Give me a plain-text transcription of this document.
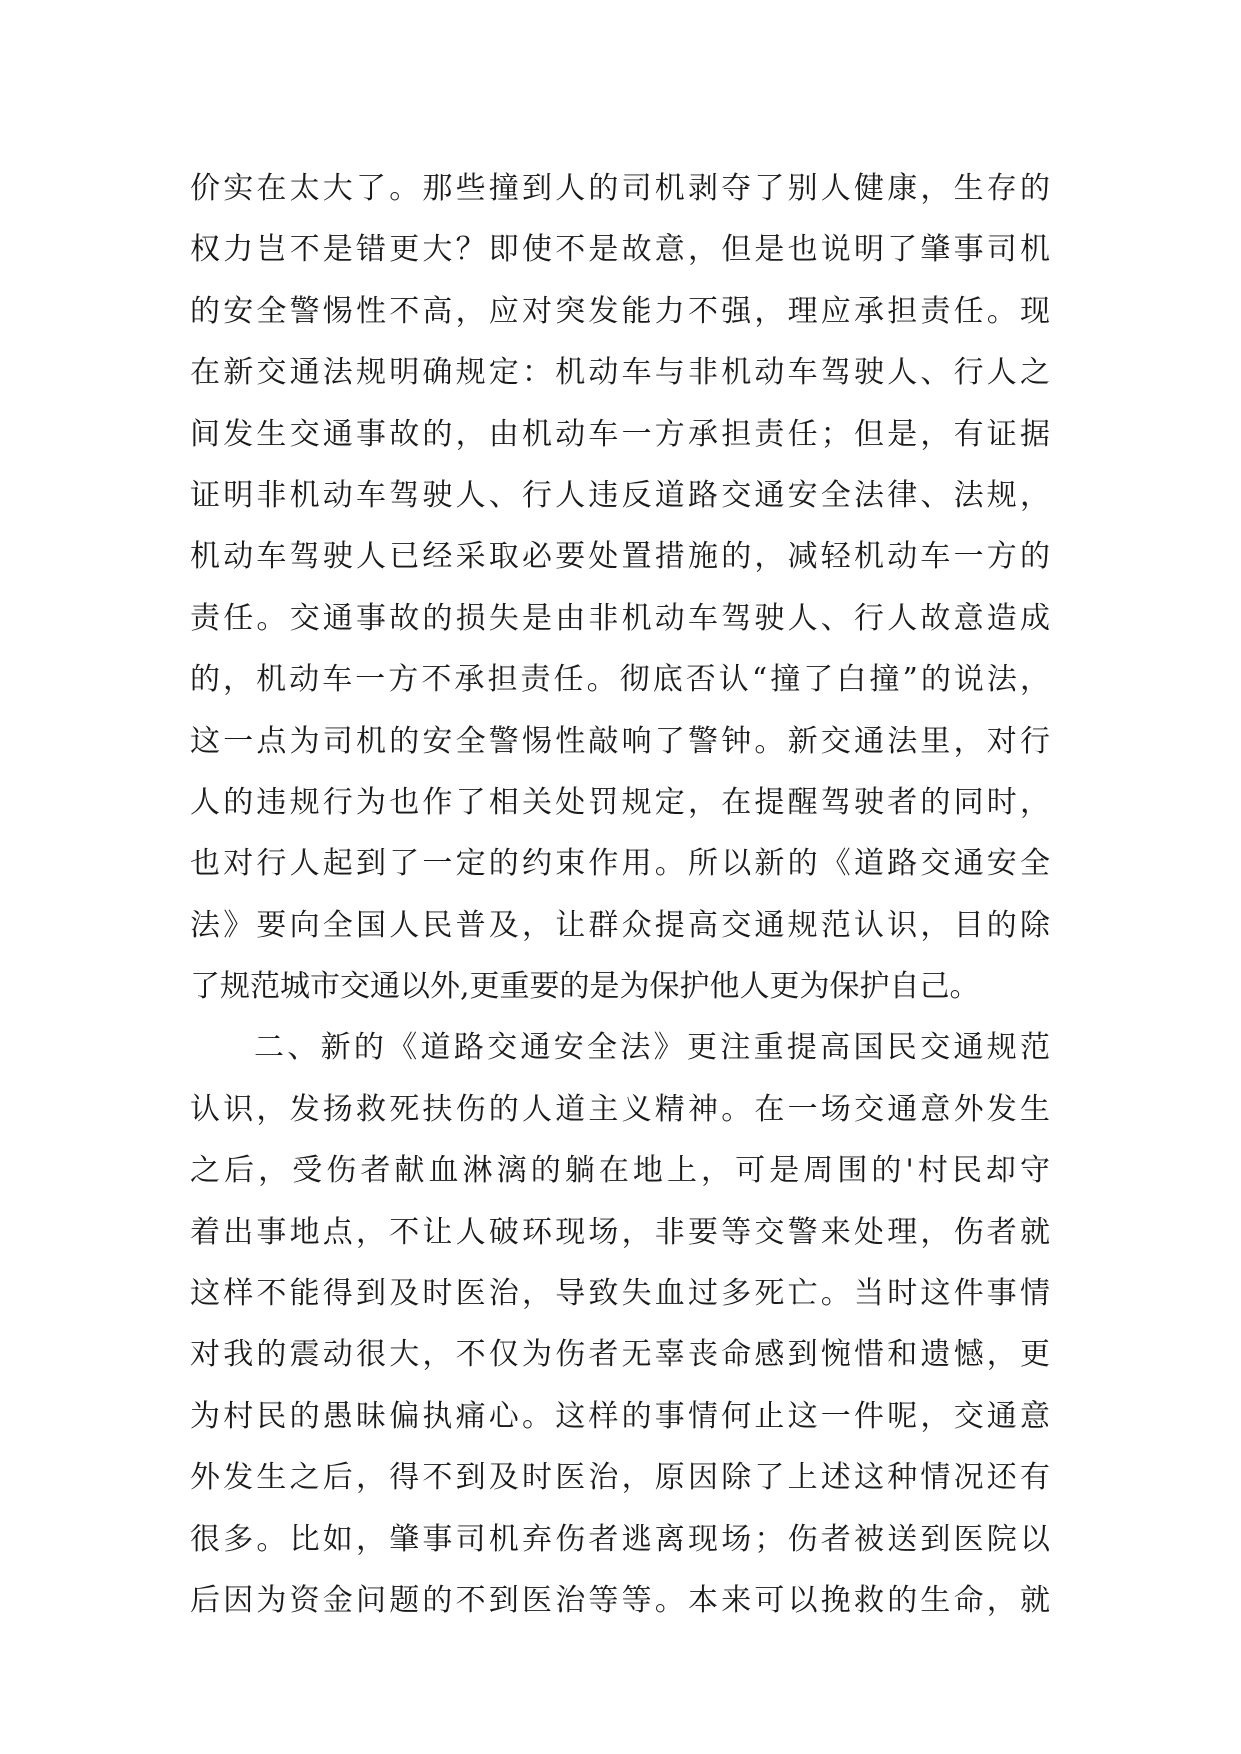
价实在太大了。那些撞到人的司机剥夺了别人健康，生存的
权力岂不是错更大？即使不是故意，但是也说明了肇事司机
的安全警惕性不高，应对突发能力不强，理应承担责任。现
在新交通法规明确规定：机动车与非机动车驾驶人、行人之
间发生交通事故的，由机动车一方承担责任；但是，有证据
证明非机动车驾驶人、行人违反道路交通安全法律、法规，
机动车驾驶人已经采取必要处置措施的，减轻机动车一方的
责任。交通事故的损失是由非机动车驾驶人、行人故意造成
的，机动车一方不承担责任。彻底否认“撞了白撞”的说法，
这一点为司机的安全警惕性敲响了警钟。新交通法里，对行
人的违规行为也作了相关处罚规定，在提醒驾驶者的同时，
也对行人起到了一定的约束作用。所以新的《道路交通安全
法》要向全国人民普及，让群众提高交通规范认识，目的除
了规范城市交通以外,更重要的是为保护他人更为保护自己。
二、新的《道路交通安全法》更注重提高国民交通规范
认识，发扬救死扶伤的人道主义精神。在一场交通意外发生
之后，受伤者献血淋漓的躺在地上，可是周围的'村民却守
着出事地点，不让人破环现场，非要等交警来处理，伤者就
这样不能得到及时医治，导致失血过多死亡。当时这件事情
对我的震动很大，不仅为伤者无辜丧命感到惋惜和遗憾，更
为村民的愚昧偏执痛心。这样的事情何止这一件呢，交通意
外发生之后，得不到及时医治，原因除了上述这种情况还有
很多。比如，肇事司机弃伤者逃离现场；伤者被送到医院以
后因为资金问题的不到医治等等。本来可以挽救的生命，就
